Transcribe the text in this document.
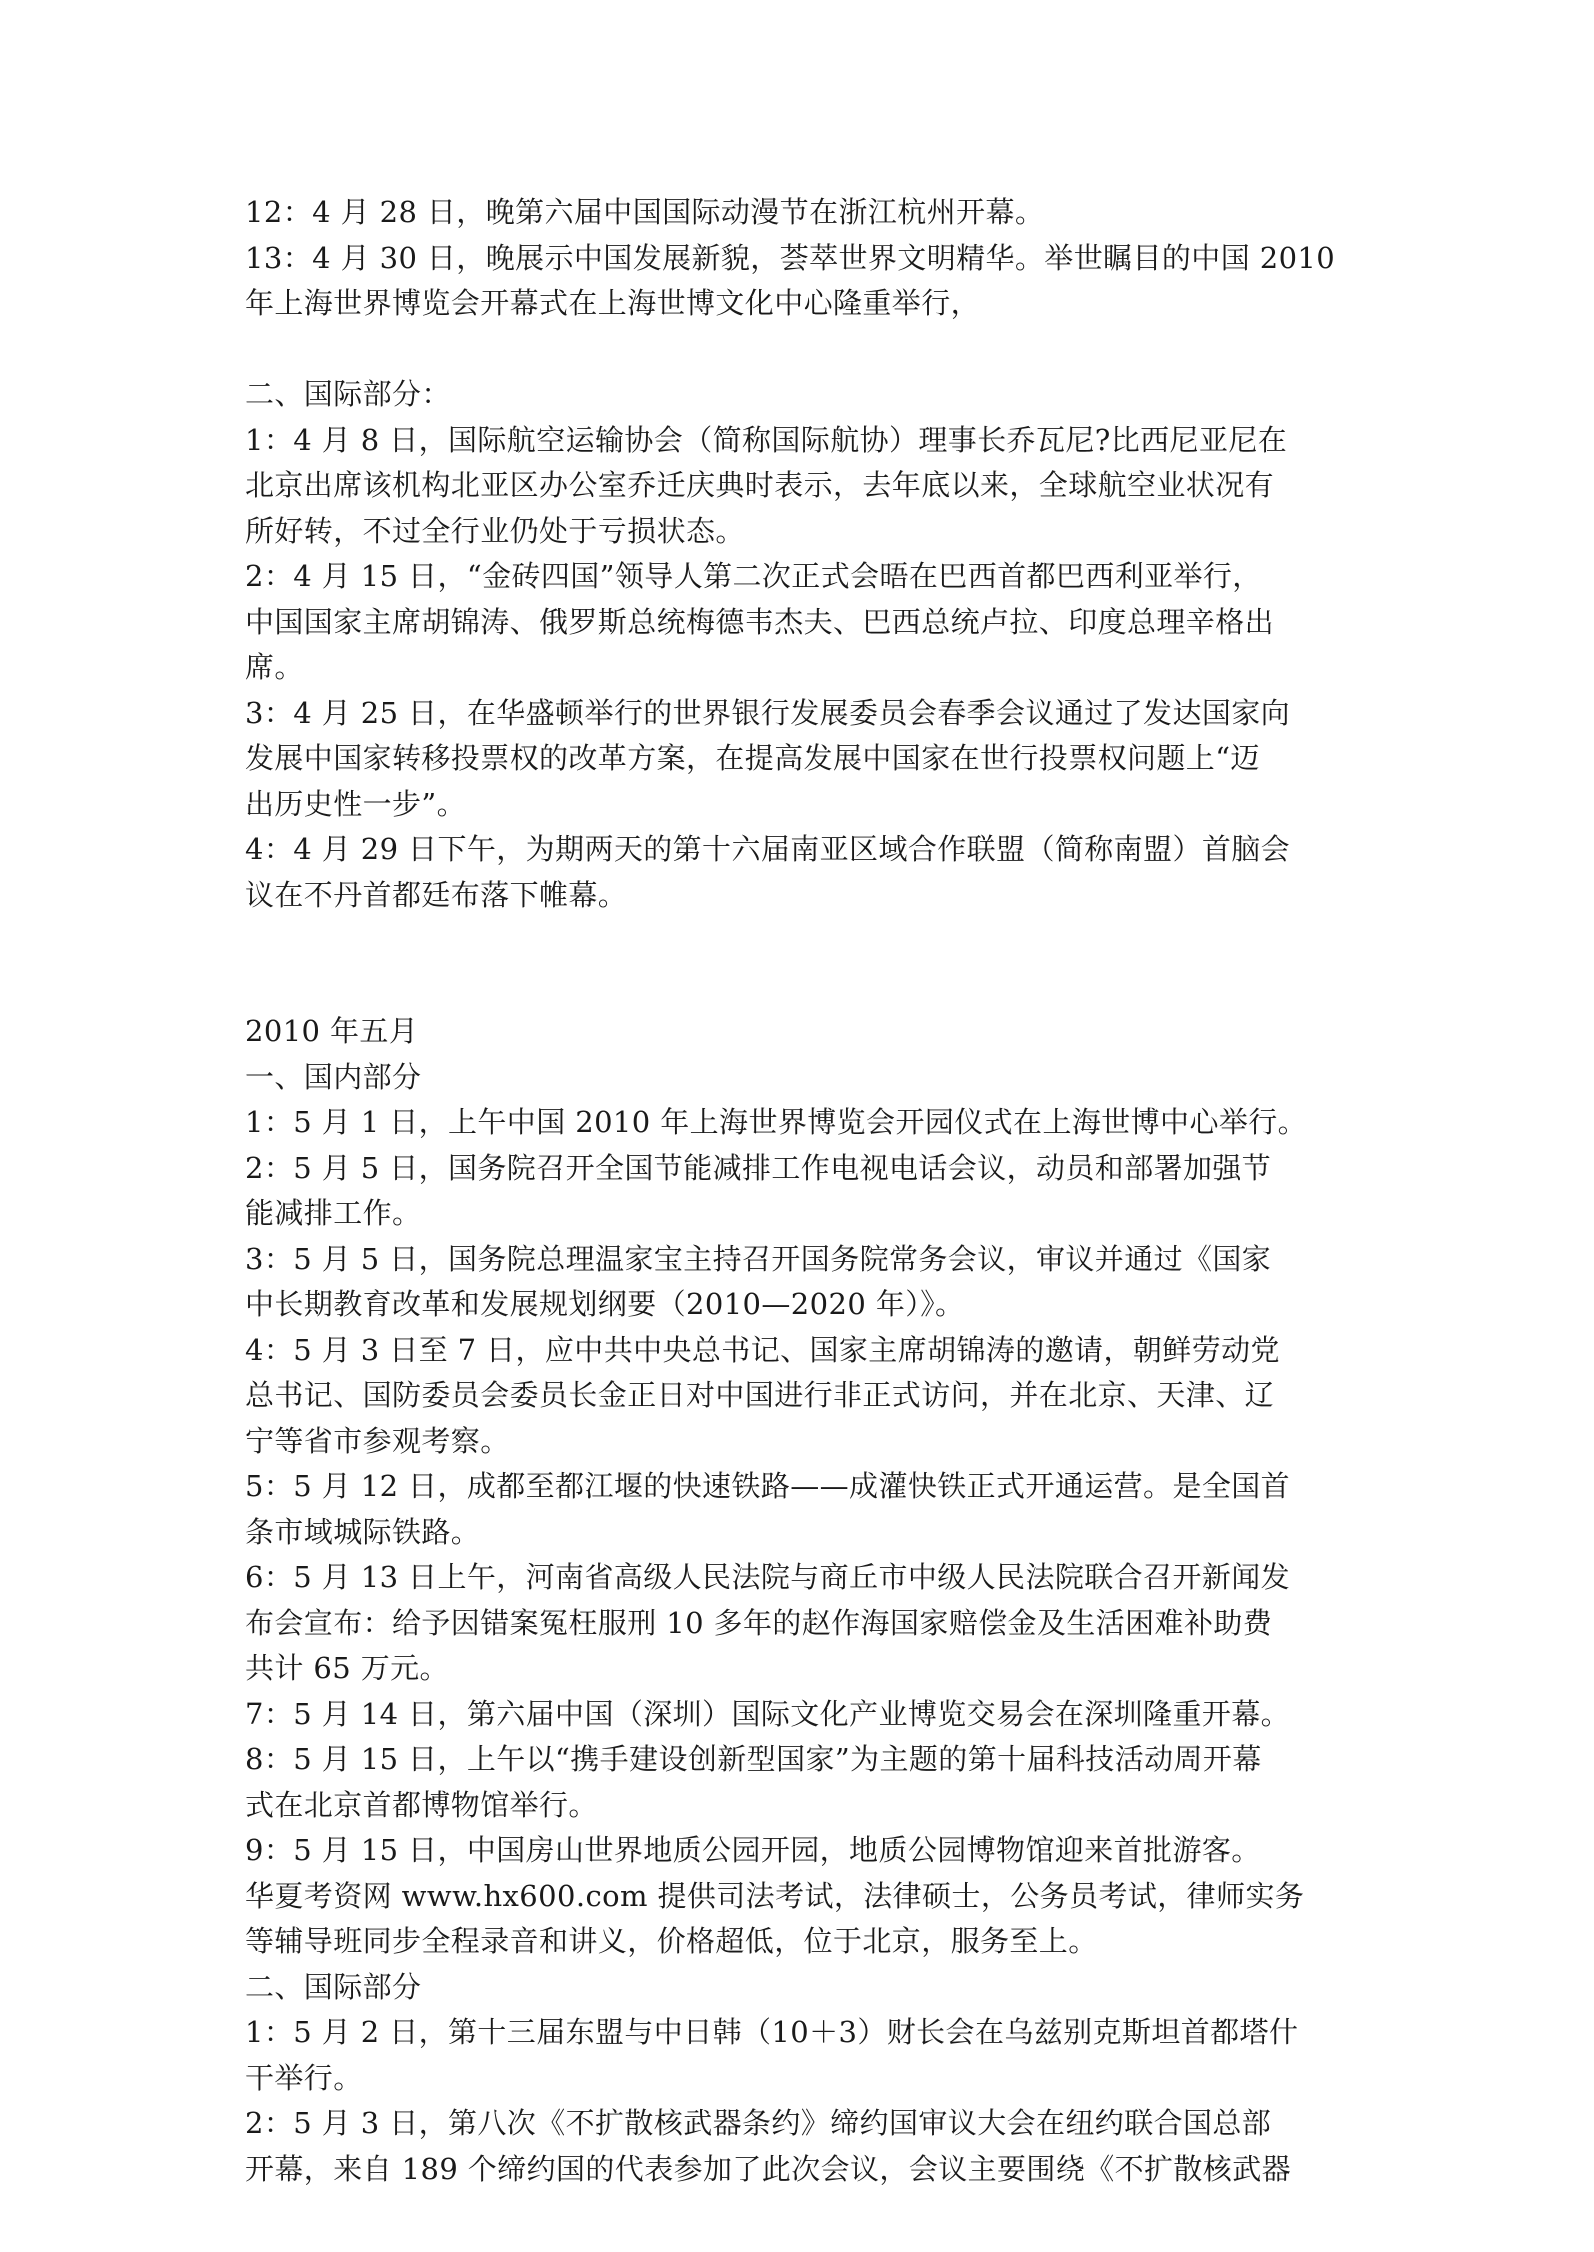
12：4 月 28 日，晚第六届中国国际动漫节在浙江杭州开幕。

13：4 月 30 日，晚展示中国发展新貌，荟萃世界文明精华。举世瞩目的中国 2010

年上海世界博览会开幕式在上海世博文化中心隆重举行，

二、国际部分：

1：4 月 8 日，国际航空运输协会（简称国际航协）理事长乔瓦尼?比西尼亚尼在

北京出席该机构北亚区办公室乔迁庆典时表示，去年底以来，全球航空业状况有

所好转，不过全行业仍处于亏损状态。

2：4 月 15 日，“金砖四国”领导人第二次正式会晤在巴西首都巴西利亚举行，

中国国家主席胡锦涛、俄罗斯总统梅德韦杰夫、巴西总统卢拉、印度总理辛格出

席。

3：4 月 25 日，在华盛顿举行的世界银行发展委员会春季会议通过了发达国家向

发展中国家转移投票权的改革方案，在提高发展中国家在世行投票权问题上“迈

出历史性一步”。

4：4 月 29 日下午，为期两天的第十六届南亚区域合作联盟（简称南盟）首脑会

议在不丹首都廷布落下帷幕。

2010 年五月

一、国内部分

1：5 月 1 日，上午中国 2010 年上海世界博览会开园仪式在上海世博中心举行。

2：5 月 5 日，国务院召开全国节能减排工作电视电话会议，动员和部署加强节

能减排工作。

3：5 月 5 日，国务院总理温家宝主持召开国务院常务会议，审议并通过《国家

中长期教育改革和发展规划纲要（2010—2020 年）》。

4：5 月 3 日至 7 日，应中共中央总书记、国家主席胡锦涛的邀请，朝鲜劳动党

总书记、国防委员会委员长金正日对中国进行非正式访问，并在北京、天津、辽

宁等省市参观考察。

5：5 月 12 日，成都至都江堰的快速铁路——成灌快铁正式开通运营。是全国首

条市域城际铁路。

6：5 月 13 日上午，河南省高级人民法院与商丘市中级人民法院联合召开新闻发

布会宣布：给予因错案冤枉服刑 10 多年的赵作海国家赔偿金及生活困难补助费

共计 65 万元。

7：5 月 14 日，第六届中国（深圳）国际文化产业博览交易会在深圳隆重开幕。

8：5 月 15 日，上午以“携手建设创新型国家”为主题的第十届科技活动周开幕

式在北京首都博物馆举行。

9：5 月 15 日，中国房山世界地质公园开园，地质公园博物馆迎来首批游客。

华夏考资网 www.hx600.com 提供司法考试，法律硕士，公务员考试，律师实务

等辅导班同步全程录音和讲义，价格超低，位于北京，服务至上。

二、国际部分

1：5 月 2 日，第十三届东盟与中日韩（10＋3）财长会在乌兹别克斯坦首都塔什

干举行。

2：5 月 3 日，第八次《不扩散核武器条约》缔约国审议大会在纽约联合国总部

开幕，来自 189 个缔约国的代表参加了此次会议，会议主要围绕《不扩散核武器
